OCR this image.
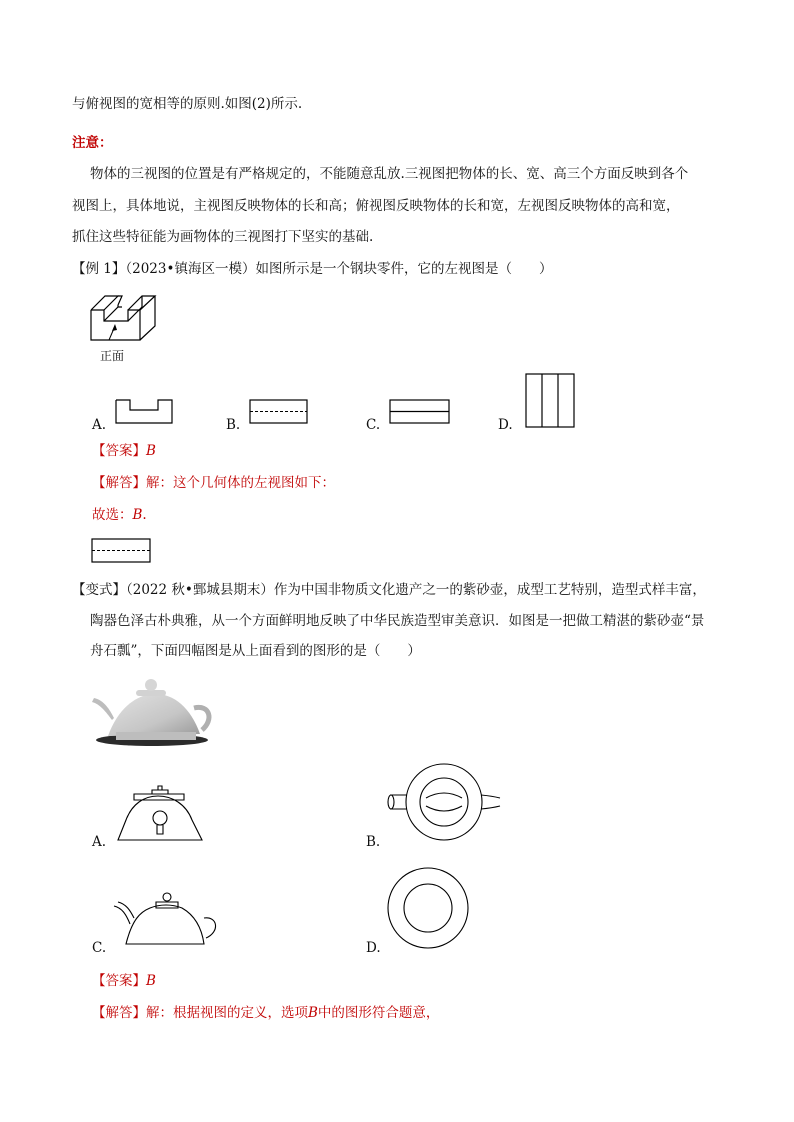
与俯视图的宽相等的原则.如图(2)所示.
注意：
物体的三视图的位置是有严格规定的，不能随意乱放.三视图把物体的长、宽、高三个方面反映到各个
视图上，具体地说，主视图反映物体的长和高；俯视图反映物体的长和宽，左视图反映物体的高和宽，
抓住这些特征能为画物体的三视图打下坚实的基础.
【例 1】（2023•镇海区一模）如图所示是一个钢块零件，它的左视图是（　　）
正面
A.	B.	C.	D.
【答案】B
【解答】解：这个几何体的左视图如下：
故选：B.
【变式】（2022 秋•鄄城县期末）作为中国非物质文化遗产之一的紫砂壶，成型工艺特别，造型式样丰富，
陶器色泽古朴典雅，从一个方面鲜明地反映了中华民族造型审美意识．如图是一把做工精湛的紫砂壶“景
舟石瓢”，下面四幅图是从上面看到的图形的是（　　）
A.	B.
C.	D.
【答案】B
【解答】解：根据视图的定义，选项B中的图形符合题意，
